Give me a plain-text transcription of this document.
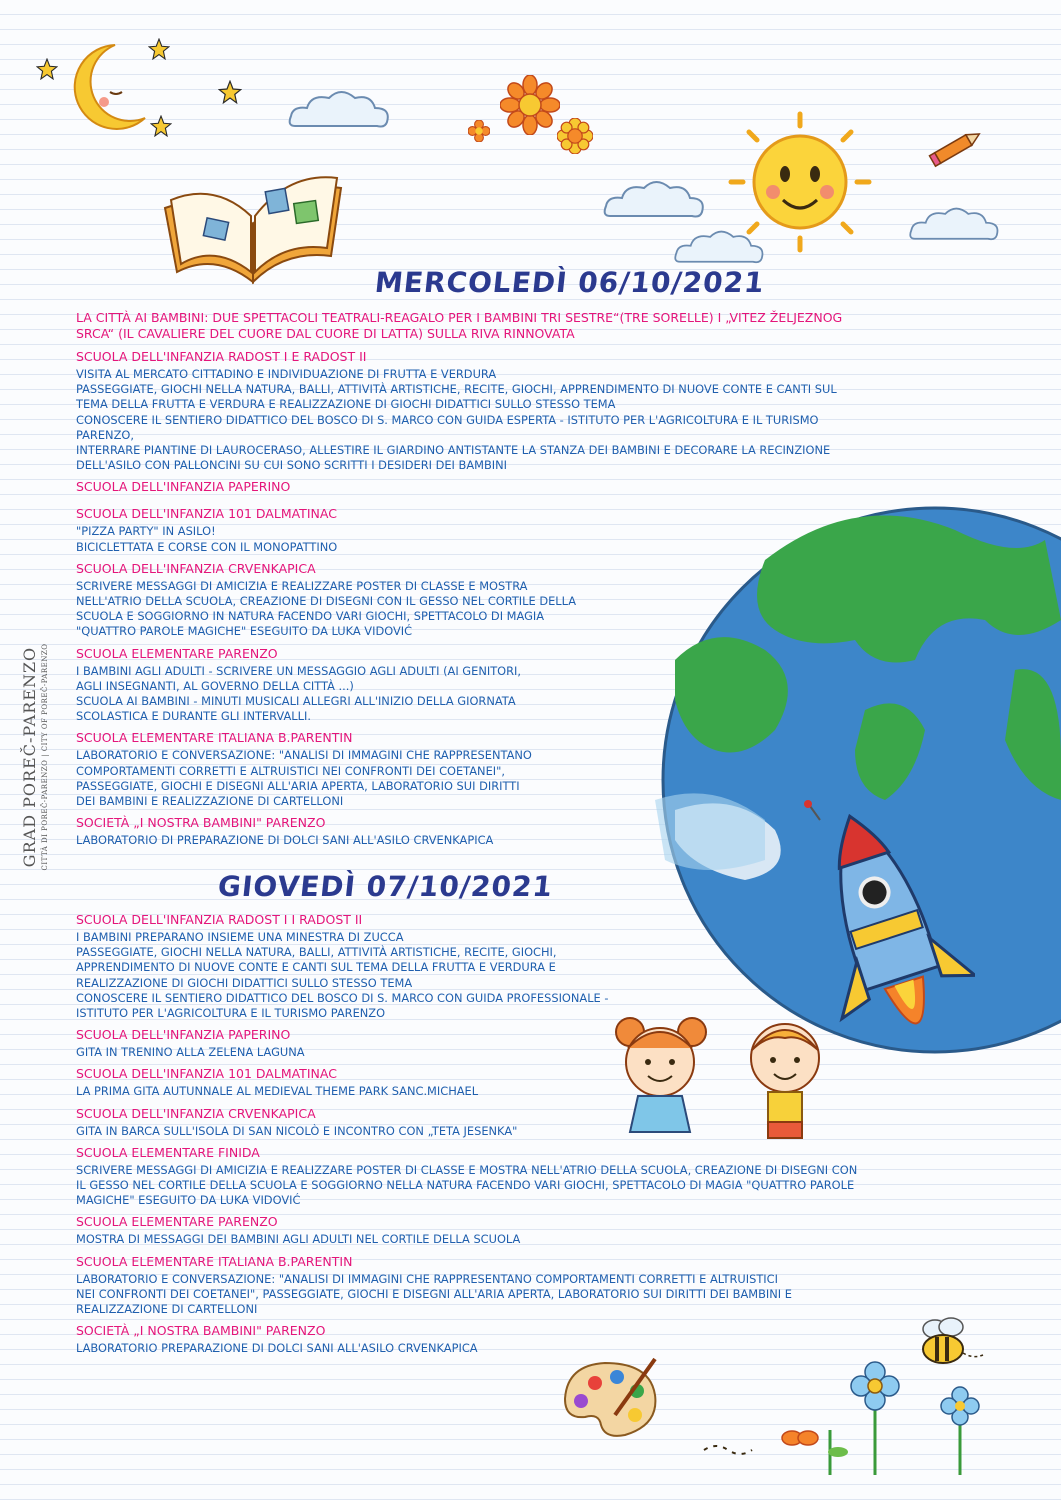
GRAD POREČ-PARENZO CITTÀ DI POREČ-PARENZO | CITY OF POREČ-PARENZO
MERCOLEDÌ 06/10/2021
LA CITTÀ AI BAMBINI: DUE SPETTACOLI TEATRALI-REAGALO PER I BAMBINI TRI SESTRE“(TRE SORELLE) I „VITEZ ŽELJEZNOG
SRCA“ (IL CAVALIERE DEL CUORE DAL CUORE DI LATTA) SULLA RIVA RINNOVATA

SCUOLA DELL'INFANZIA RADOST I E RADOST II

VISITA AL MERCATO CITTADINO E INDIVIDUAZIONE DI FRUTTA E VERDURA

PASSEGGIATE, GIOCHI NELLA NATURA, BALLI, ATTIVITÀ ARTISTICHE, RECITE, GIOCHI, APPRENDIMENTO DI NUOVE CONTE E CANTI SUL

TEMA DELLA FRUTTA E VERDURA E REALIZZAZIONE DI GIOCHI DIDATTICI SULLO STESSO TEMA

CONOSCERE IL SENTIERO DIDATTICO DEL BOSCO DI S. MARCO CON GUIDA ESPERTA - ISTITUTO PER L'AGRICOLTURA E IL TURISMO

PARENZO,

INTERRARE PIANTINE DI LAUROCERASO, ALLESTIRE IL GIARDINO ANTISTANTE LA STANZA DEI BAMBINI E DECORARE LA RECINZIONE

DELL'ASILO CON PALLONCINI SU CUI SONO SCRITTI I DESIDERI DEI BAMBINI

SCUOLA DELL'INFANZIA PAPERINO

SCUOLA DELL'INFANZIA 101 DALMATINAC

"PIZZA PARTY" IN ASILO!

BICICLETTATA E CORSE CON IL MONOPATTINO

SCUOLA DELL'INFANZIA CRVENKAPICA

SCRIVERE MESSAGGI DI AMICIZIA E REALIZZARE POSTER DI CLASSE E MOSTRA

NELL'ATRIO DELLA SCUOLA, CREAZIONE DI DISEGNI CON IL GESSO NEL CORTILE DELLA

SCUOLA E SOGGIORNO IN NATURA FACENDO VARI GIOCHI, SPETTACOLO DI MAGIA

"QUATTRO PAROLE MAGICHE" ESEGUITO DA LUKA VIDOVIĆ

SCUOLA ELEMENTARE PARENZO

I BAMBINI AGLI ADULTI - SCRIVERE UN MESSAGGIO AGLI ADULTI (AI GENITORI,

AGLI INSEGNANTI, AL GOVERNO DELLA CITTÀ ...)

SCUOLA AI BAMBINI - MINUTI MUSICALI ALLEGRI ALL'INIZIO DELLA GIORNATA

SCOLASTICA E DURANTE GLI INTERVALLI.

SCUOLA ELEMENTARE ITALIANA B.PARENTIN

LABORATORIO E CONVERSAZIONE: "ANALISI DI IMMAGINI CHE RAPPRESENTANO

COMPORTAMENTI CORRETTI E ALTRUISTICI NEI CONFRONTI DEI COETANEI",

PASSEGGIATE, GIOCHI E DISEGNI ALL'ARIA APERTA, LABORATORIO SUI DIRITTI

DEI BAMBINI E REALIZZAZIONE DI CARTELLONI

SOCIETÀ „I NOSTRA BAMBINI" PARENZO

LABORATORIO DI PREPARAZIONE DI DOLCI SANI ALL'ASILO CRVENKAPICA

GIOVEDÌ 07/10/2021

SCUOLA DELL'INFANZIA RADOST I I RADOST II

I BAMBINI PREPARANO INSIEME UNA MINESTRA DI ZUCCA

PASSEGGIATE, GIOCHI NELLA NATURA, BALLI, ATTIVITÀ ARTISTICHE, RECITE, GIOCHI,

APPRENDIMENTO DI NUOVE CONTE E CANTI SUL TEMA DELLA FRUTTA E VERDURA E

REALIZZAZIONE DI GIOCHI DIDATTICI SULLO STESSO TEMA

CONOSCERE IL SENTIERO DIDATTICO DEL BOSCO DI S. MARCO CON GUIDA PROFESSIONALE -

ISTITUTO PER L'AGRICOLTURA E IL TURISMO PARENZO

SCUOLA DELL'INFANZIA PAPERINO

GITA IN TRENINO ALLA ZELENA LAGUNA

SCUOLA DELL'INFANZIA 101 DALMATINAC

LA PRIMA GITA AUTUNNALE AL MEDIEVAL THEME PARK SANC.MICHAEL

SCUOLA DELL'INFANZIA CRVENKAPICA

GITA IN BARCA SULL'ISOLA DI SAN NICOLÒ E INCONTRO CON „TETA JESENKA"

SCUOLA ELEMENTARE FINIDA

SCRIVERE MESSAGGI DI AMICIZIA E REALIZZARE POSTER DI CLASSE E MOSTRA NELL'ATRIO DELLA SCUOLA, CREAZIONE DI DISEGNI CON

IL GESSO NEL CORTILE DELLA SCUOLA E SOGGIORNO NELLA NATURA FACENDO VARI GIOCHI, SPETTACOLO DI MAGIA "QUATTRO PAROLE

MAGICHE" ESEGUITO DA LUKA VIDOVIĆ

SCUOLA ELEMENTARE PARENZO

MOSTRA DI MESSAGGI DEI BAMBINI AGLI ADULTI NEL CORTILE DELLA SCUOLA

SCUOLA ELEMENTARE ITALIANA B.PARENTIN

LABORATORIO E CONVERSAZIONE: "ANALISI DI IMMAGINI CHE RAPPRESENTANO COMPORTAMENTI CORRETTI E ALTRUISTICI

NEI CONFRONTI DEI COETANEI", PASSEGGIATE, GIOCHI E DISEGNI ALL'ARIA APERTA, LABORATORIO SUI DIRITTI DEI BAMBINI E

REALIZZAZIONE DI CARTELLONI

SOCIETÀ „I NOSTRA BAMBINI" PARENZO

LABORATORIO PREPARAZIONE DI DOLCI SANI ALL'ASILO CRVENKAPICA
